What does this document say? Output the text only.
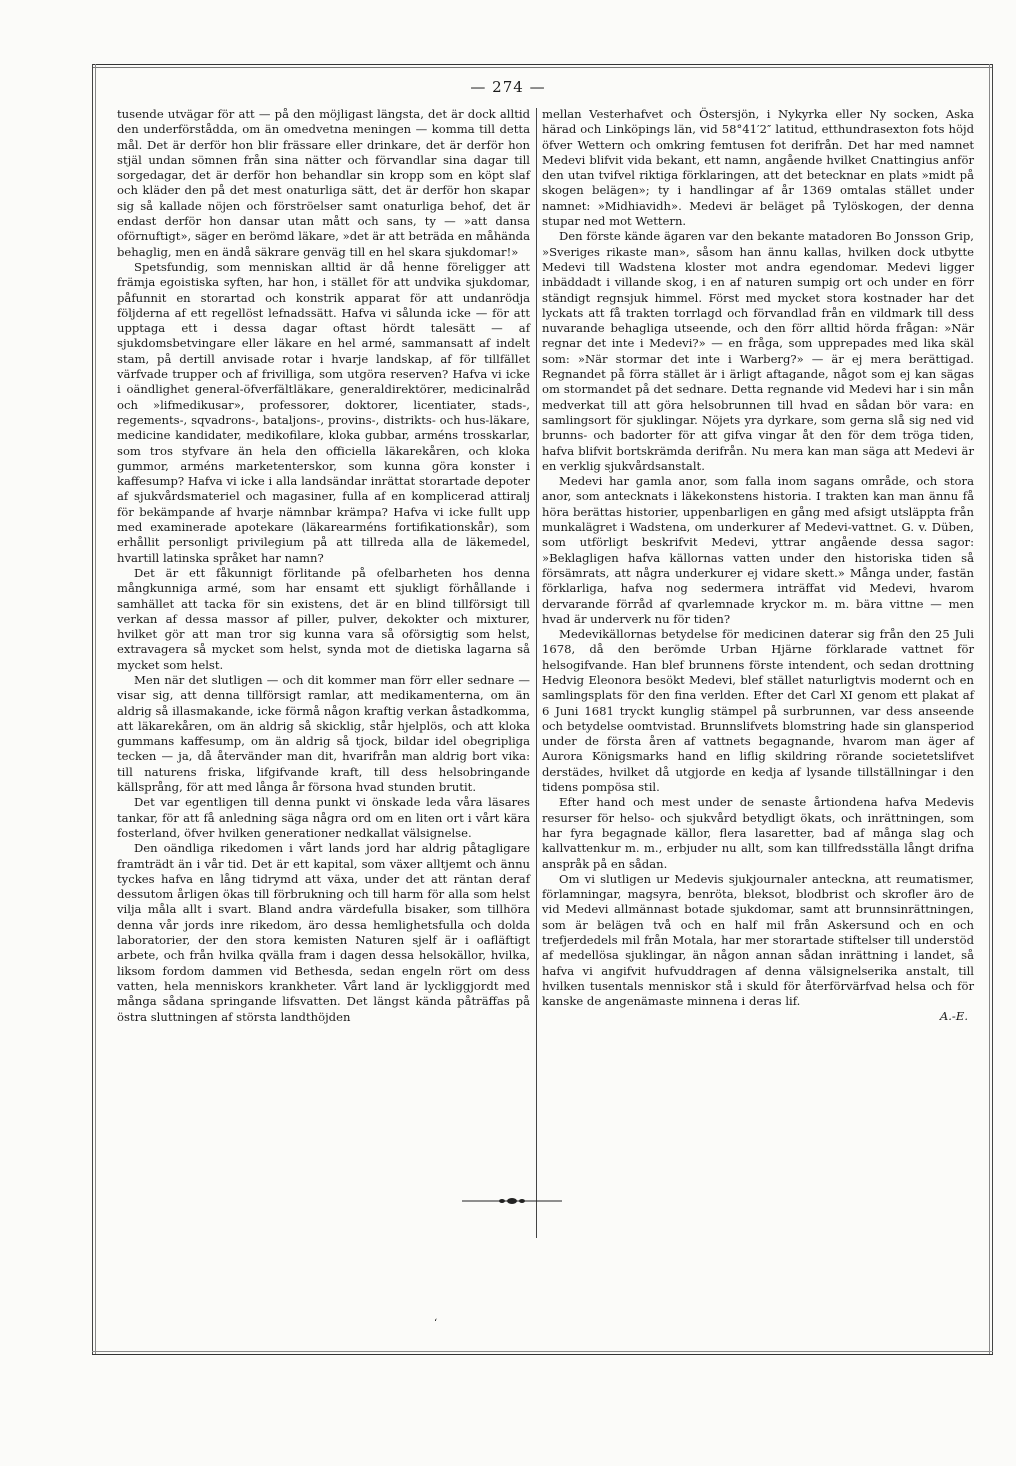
— 274 —

tusende utvägar för att — på den möjligast längsta, det är dock alltid den underförstådda, om än omedvetna meningen — komma till detta mål. Det är derför hon blir frässare eller drinkare, det är derför hon stjäl undan sömnen från sina nätter och förvandlar sina dagar till sorgedagar, det är derför hon behandlar sin kropp som en köpt slaf och kläder den på det mest onaturliga sätt, det är derför hon skapar sig så kallade nöjen och förströelser samt onaturliga behof, det är endast derför hon dansar utan mått och sans, ty — »att dansa oförnuftigt», säger en berömd läkare, »det är att beträda en måhända behaglig, men en ändå säkrare genväg till en hel skara sjukdomar!»

Spetsfundig, som menniskan alltid är då henne föreligger att främja egoistiska syften, har hon, i stället för att undvika sjukdomar, påfunnit en storartad och konstrik apparat för att undanrödja följderna af ett regellöst lefnadssätt. Hafva vi sålunda icke — för att upptaga ett i dessa dagar oftast hördt talesätt — af sjukdomsbetvingare eller läkare en hel armé, sammansatt af indelt stam, på dertill anvisade rotar i hvarje landskap, af för tillfället värfvade trupper och af frivilliga, som utgöra reserven? Hafva vi icke i oändlighet general-öfverfältläkare, generaldirektörer, medicinalråd och »lifmedikusar», professorer, doktorer, licentiater, stads-, regements-, sqvadrons-, bataljons-, provins-, distrikts- och hus-läkare, medicine kandidater, medikofilare, kloka gubbar, arméns trosskarlar, som tros styfvare än hela den officiella läkarekåren, och kloka gummor, arméns marketenterskor, som kunna göra konster i kaffesump? Hafva vi icke i alla landsändar inrättat storartade depoter af sjukvårdsmateriel och magasiner, fulla af en komplicerad attiralj för bekämpande af hvarje nämnbar krämpa? Hafva vi icke fullt upp med examinerade apotekare (läkarearméns fortifikationskår), som erhållit personligt privilegium på att tillreda alla de läkemedel, hvartill latinska språket har namn?

Det är ett fåkunnigt förlitande på ofelbarheten hos denna mångkunniga armé, som har ensamt ett sjukligt förhållande i samhället att tacka för sin existens, det är en blind tillförsigt till verkan af dessa massor af piller, pulver, dekokter och mixturer, hvilket gör att man tror sig kunna vara så oförsigtig som helst, extravagera så mycket som helst, synda mot de dietiska lagarna så mycket som helst.

Men när det slutligen — och dit kommer man förr eller sednare — visar sig, att denna tillförsigt ramlar, att medikamenterna, om än aldrig så illasmakande, icke förmå någon kraftig verkan åstadkomma, att läkarekåren, om än aldrig så skicklig, står hjelplös, och att kloka gummans kaffesump, om än aldrig så tjock, bildar idel obegripliga tecken — ja, då återvänder man dit, hvarifrån man aldrig bort vika: till naturens friska, lifgifvande kraft, till dess helsobringande källsprång, för att med långa år försona hvad stunden brutit.

Det var egentligen till denna punkt vi önskade leda våra läsares tankar, för att få anledning säga några ord om en liten ort i vårt kära fosterland, öfver hvilken generationer nedkallat välsignelse.

Den oändliga rikedomen i vårt lands jord har aldrig påtagligare framträdt än i vår tid. Det är ett kapital, som växer alltjemt och ännu tyckes hafva en lång tidrymd att växa, under det att räntan deraf dessutom årligen ökas till förbrukning och till harm för alla som helst vilja måla allt i svart. Bland andra värdefulla bisaker, som tillhöra denna vår jords inre rikedom, äro dessa hemlighetsfulla och dolda laboratorier, der den stora kemisten Naturen sjelf är i oafläftigt arbete, och från hvilka qvälla fram i dagen dessa helsokällor, hvilka, liksom fordom dammen vid Bethesda, sedan engeln rört om dess vatten, hela menniskors krankheter. Vårt land är lyckliggjordt med många sådana springande lifsvatten. Det längst kända påträffas på östra sluttningen af största landthöjden

mellan Vesterhafvet och Östersjön, i Nykyrka eller Ny socken, Aska härad och Linköpings län, vid 58°41′2″ latitud, etthundrasexton fots höjd öfver Wettern och omkring femtusen fot derifrån. Det har med namnet Medevi blifvit vida bekant, ett namn, angående hvilket Cnattingius anför den utan tvifvel riktiga förklaringen, att det betecknar en plats »midt på skogen belägen»; ty i handlingar af år 1369 omtalas stället under namnet: »Midhiavidh». Medevi är beläget på Tylöskogen, der denna stupar ned mot Wettern.

Den förste kände ägaren var den bekante matadoren Bo Jonsson Grip, »Sveriges rikaste man», såsom han ännu kallas, hvilken dock utbytte Medevi till Wadstena kloster mot andra egendomar. Medevi ligger inbäddadt i villande skog, i en af naturen sumpig ort och under en förr ständigt regnsjuk himmel. Först med mycket stora kostnader har det lyckats att få trakten torrlagd och förvandlad från en vildmark till dess nuvarande behagliga utseende, och den förr alltid hörda frågan: »När regnar det inte i Medevi?» — en fråga, som upprepades med lika skäl som: »När stormar det inte i Warberg?» — är ej mera berättigad. Regnandet på förra stället är i ärligt aftagande, något som ej kan sägas om stormandet på det sednare. Detta regnande vid Medevi har i sin mån medverkat till att göra helsobrunnen till hvad en sådan bör vara: en samlingsort för sjuklingar. Nöjets yra dyrkare, som gerna slå sig ned vid brunns- och badorter för att gifva vingar åt den för dem tröga tiden, hafva blifvit bortskrämda derifrån. Nu mera kan man säga att Medevi är en verklig sjukvårdsanstalt.

Medevi har gamla anor, som falla inom sagans område, och stora anor, som antecknats i läkekonstens historia. I trakten kan man ännu få höra berättas historier, uppenbarligen en gång med afsigt utsläppta från munkalägret i Wadstena, om underkurer af Medevi-vattnet. G. v. Düben, som utförligt beskrifvit Medevi, yttrar angående dessa sagor: »Beklagligen hafva källornas vatten under den historiska tiden så försämrats, att några underkurer ej vidare skett.» Många under, fastän förklarliga, hafva nog sedermera inträffat vid Medevi, hvarom dervarande förråd af qvarlemnade kryckor m. m. bära vittne — men hvad är underverk nu för tiden?

Medevikällornas betydelse för medicinen daterar sig från den 25 Juli 1678, då den berömde Urban Hjärne förklarade vattnet för helsogifvande. Han blef brunnens förste intendent, och sedan drottning Hedvig Eleonora besökt Medevi, blef stället naturligtvis modernt och en samlingsplats för den fina verlden. Efter det Carl XI genom ett plakat af 6 Juni 1681 tryckt kunglig stämpel på surbrunnen, var dess anseende och betydelse oomtvistad. Brunnslifvets blomstring hade sin glansperiod under de första åren af vattnets begagnande, hvarom man äger af Aurora Königsmarks hand en liflig skildring rörande societetslifvet derstädes, hvilket då utgjorde en kedja af lysande tillställningar i den tidens pompösa stil.

Efter hand och mest under de senaste årtiondena hafva Medevis resurser för helso- och sjukvård betydligt ökats, och inrättningen, som har fyra begagnade källor, flera lasaretter, bad af många slag och kallvattenkur m. m., erbjuder nu allt, som kan tillfredsställa långt drifna anspråk på en sådan.

Om vi slutligen ur Medevis sjukjournaler anteckna, att reumatismer, förlamningar, magsyra, benröta, bleksot, blodbrist och skrofler äro de vid Medevi allmännast botade sjukdomar, samt att brunnsinrättningen, som är belägen två och en half mil från Askersund och en och trefjerdedels mil från Motala, har mer storartade stiftelser till understöd af medellösa sjuklingar, än någon annan sådan inrättning i landet, så hafva vi angifvit hufvuddragen af denna välsignelserika anstalt, till hvilken tusentals menniskor stå i skuld för återförvärfvad helsa och för kanske de angenämaste minnena i deras lif.

A.-E.
‘
